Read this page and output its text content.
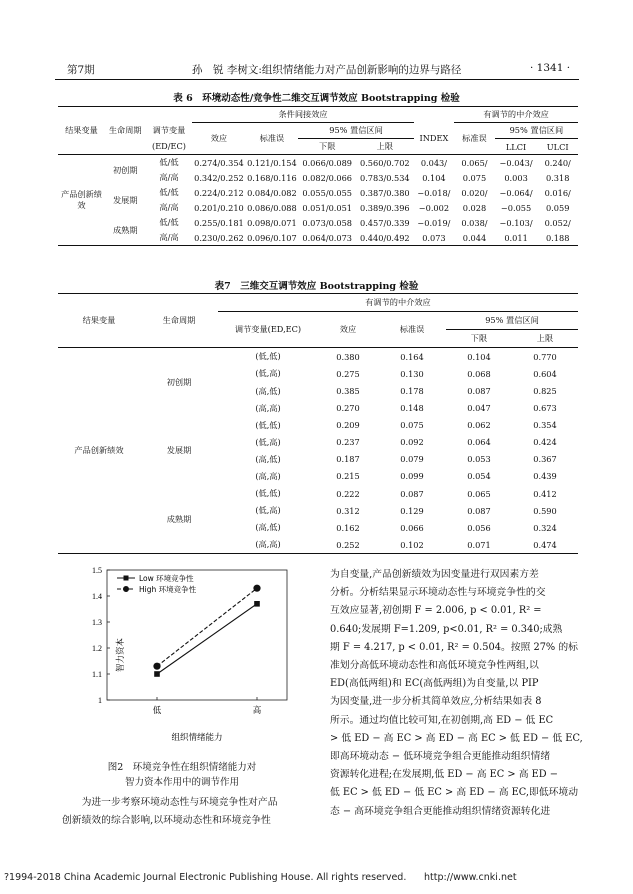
第7期	孙　锐 李树文:组织情绪能力对产品创新影响的边界与路径	· 1341 ·
表 6　环境动态性/竞争性二维交互调节效应 Bootstrapping 检验
结果变量	生命周期		条件间接效应					有调节的中介效应		
		调节变量	效应	标准误	95% 置信区间		INDEX	标准误	95% 置信区间	
		(ED/EC)			下限	上限			LLCI	ULCI

产品创新绩效	初创期	低/低	0.274/0.354	0.121/0.154	0.066/0.089	0.560/0.702	0.043/	0.065/	−0.043/	0.240/
		高/高	0.342/0.252	0.168/0.116	0.082/0.066	0.783/0.534	0.104	0.075	0.003	0.318
	发展期	低/低	0.224/0.212	0.084/0.082	0.055/0.055	0.387/0.380	−0.018/	0.020/	−0.064/	0.016/
		高/高	0.201/0.210	0.086/0.088	0.051/0.051	0.389/0.396	−0.002	0.028	−0.055	0.059
	成熟期	低/低	0.255/0.181	0.098/0.071	0.073/0.058	0.457/0.339	−0.019/	0.038/	−0.103/	0.052/
		高/高	0.230/0.262	0.096/0.107	0.064/0.073	0.440/0.492	0.073	0.044	0.011	0.188
表7　三维交互调节效应 Bootstrapping 检验
结果变量	生命周期	有调节的中介效应				
		调节变量(ED,EC)	效应	标准误	95% 置信区间	
					下限	上限
产品创新绩效	初创期	(低,低)	0.380	0.164	0.104	0.770
		(低,高)	0.275	0.130	0.068	0.604
		(高,低)	0.385	0.178	0.087	0.825
		(高,高)	0.270	0.148	0.047	0.673
	发展期	(低,低)	0.209	0.075	0.062	0.354
		(低,高)	0.237	0.092	0.064	0.424
		(高,低)	0.187	0.079	0.053	0.367
		(高,高)	0.215	0.099	0.054	0.439
	成熟期	(低,低)	0.222	0.087	0.065	0.412
		(低,高)	0.312	0.129	0.087	0.590
		(高,低)	0.162	0.066	0.056	0.324
		(高,高)	0.252	0.102	0.071	0.474
1
1.1
1.2
1.3
1.4
1.5
低	高
组织情绪能力
智力资本
Low 环境竞争性
High 环境竞争性
图2　环境竞争性在组织情绪能力对
智力资本作用中的调节作用
为进一步考察环境动态性与环境竞争性对产品
创新绩效的综合影响,以环境动态性和环境竞争性
为自变量,产品创新绩效为因变量进行双因素方差
分析。分析结果显示环境动态性与环境竞争性的交
互效应显著,初创期 F = 2.006, p < 0.01, R² =
0.640;发展期 F=1.209, p<0.01, R² = 0.340;成熟
期 F = 4.217, p < 0.01, R² = 0.504。按照 27% 的标
准划分高低环境动态性和高低环境竞争性两组,以
ED(高低两组)和 EC(高低两组)为自变量,以 PIP
为因变量,进一步分析其简单效应,分析结果如表 8
所示。通过均值比较可知,在初创期,高 ED − 低 EC
> 低 ED − 高 EC > 高 ED − 高 EC > 低 ED − 低 EC,
即高环境动态 − 低环境竞争组合更能推动组织情绪
资源转化进程;在发展期,低 ED − 高 EC > 高 ED −
低 EC > 低 ED − 低 EC > 高 ED − 高 EC,即低环境动
态 − 高环境竞争组合更能推动组织情绪资源转化进
?1994-2018 China Academic Journal Electronic Publishing House. All rights reserved. http://www.cnki.net
